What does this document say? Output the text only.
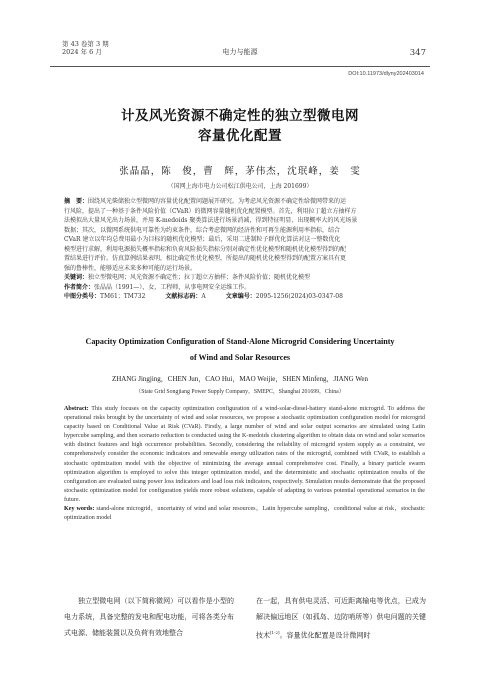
第 43 卷第 3 期
2024 年 6 月	电力与能源	347
DOI:10.11973/dlyny202403014
计及风光资源不确定性的独立型微电网
容量优化配置
张晶晶，陈　俊，曹　辉，茅伟杰，沈珉峰，姜　雯
（国网上海市电力公司松江供电公司，上海 201699）
摘　要：围绕风光柴储独立型微网的容量优化配置问题展开研究。为考虑风光资源不确定性给微网带来的运
行风险，提出了一种基于条件风险价值（CVaR）的微网容量随机优化配置模型。首先，利用拉丁超立方抽样方
法模拟出大量风光出力场景，并用 K-medoids 聚类算法进行场景消减，得到特征明显、出现概率大的风光场景
数据；其次，以微网系统供电可靠性为约束条件，综合考虑微网的经济性和可再生能源利用率指标，结合
CVaR 建立以年均总费用最小为目标的随机优化模型；最后，采用二进制粒子群优化算法对这一整数优化
模型进行求解，利用电源损失概率指标和负荷风险损失指标分别对确定性优化模型和随机优化模型得到的配
置结果进行评价。仿真算例结果表明，相比确定性优化模型，所提出的随机优化模型得到的配置方案具有更
强的鲁棒性，能够适应未来多种可能的运行场景。
关键词：独立型微电网；风光资源不确定性；拉丁超立方抽样；条件风险价值；随机优化模型
作者简介：张晶晶（1991—），女，工程师，从事电网安全运维工作。
中图分类号：TM61；TM732	文献标志码：A	文章编号：2095-1256(2024)03-0347-08
Capacity Optimization Configuration of Stand-Alone Microgrid Considering Uncertainty
of Wind and Solar Resources
ZHANG Jingjing，CHEN Jun，CAO Hui，MAO Weijie，SHEN Minfeng，JIANG Wen
（State Grid Songjiang Power Supply Company，SMEPC，Shanghai 201699，China）
Abstract: This study focuses on the capacity optimization configuration of a wind-solar-diesel-battery stand-alone microgrid. To address the operational risks brought by the uncertainty of wind and solar resources, we propose a stochastic optimization configuration model for microgrid capacity based on Conditional Value at Risk (CVaR). Firstly, a large number of wind and solar output scenarios are simulated using Latin hypercube sampling, and then scenario reduction is conducted using the K-medoids clustering algorithm to obtain data on wind and solar scenarios with distinct features and high occurrence probabilities. Secondly, considering the reliability of microgrid system supply as a constraint, we comprehensively consider the economic indicators and renewable energy utilization rates of the microgrid, combined with CVaR, to establish a stochastic optimization model with the objective of minimizing the average annual comprehensive cost. Finally, a binary particle swarm optimization algorithm is employed to solve this integer optimization model, and the deterministic and stochastic optimization results of the configuration are evaluated using power loss indicators and load loss risk indicators, respectively. Simulation results demonstrate that the proposed stochastic optimization model for configuration yields more robust solutions, capable of adapting to various potential operational scenarios in the future.
Key words: stand-alone microgrid，uncertainty of wind and solar resources，Latin hypercube sampling，conditional value at risk，stochastic optimization model
独立型微电网（以下简称微网）可以看作是小型的电力系统，具备完整的发电和配电功能，可将各类分布式电源、储能装置以及负荷有效地整合
在一起，具有供电灵活、可近距离输电等优点，已成为解决偏远地区（如孤岛、边防哨所等）供电问题的关键技术[1-2]。容量优化配置是设计微网时
